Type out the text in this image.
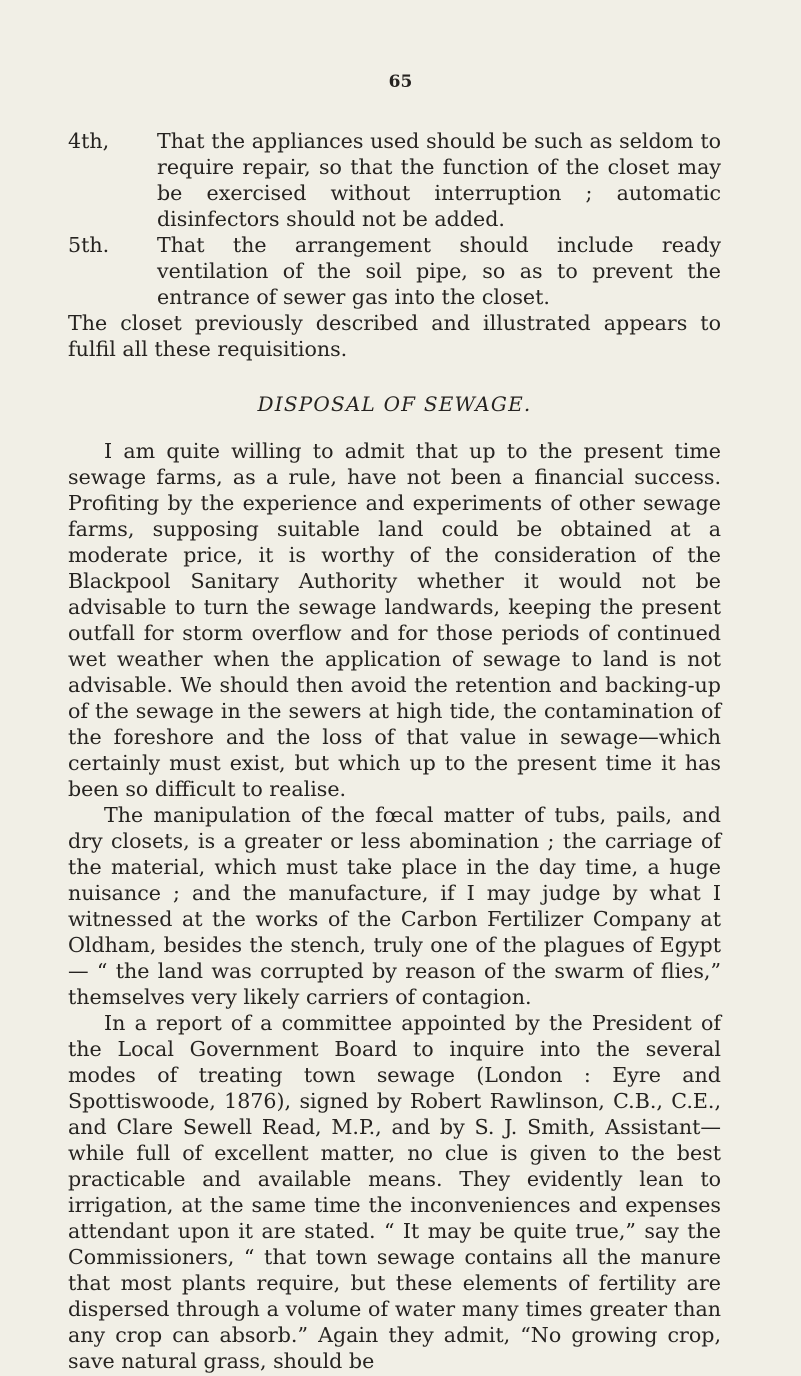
65
4th, That the appliances used should be such as seldom to require repair, so that the function of the closet may be exercised without interruption ; automatic disinfectors should not be added.
5th. That the arrangement should include ready ventilation of the soil pipe, so as to prevent the entrance of sewer gas into the closet.

The closet previously described and illustrated appears to fulfil all these requisitions.

DISPOSAL OF SEWAGE.

I am quite willing to admit that up to the present time sewage farms, as a rule, have not been a financial success. Profiting by the experience and experiments of other sewage farms, supposing suitable land could be obtained at a moderate price, it is worthy of the consideration of the Blackpool Sanitary Authority whether it would not be advisable to turn the sewage landwards, keeping the present outfall for storm overflow and for those periods of continued wet weather when the application of sewage to land is not advisable. We should then avoid the retention and backing-up of the sewage in the sewers at high tide, the contamination of the foreshore and the loss of that value in sewage—which certainly must exist, but which up to the present time it has been so difficult to realise.

The manipulation of the fœcal matter of tubs, pails, and dry closets, is a greater or less abomination ; the carriage of the material, which must take place in the day time, a huge nuisance ; and the manufacture, if I may judge by what I witnessed at the works of the Carbon Fertilizer Company at Oldham, besides the stench, truly one of the plagues of Egypt— “ the land was corrupted by reason of the swarm of flies,” themselves very likely carriers of contagion.

In a report of a committee appointed by the President of the Local Government Board to inquire into the several modes of treating town sewage (London : Eyre and Spottiswoode, 1876), signed by Robert Rawlinson, C.B., C.E., and Clare Sewell Read, M.P., and by S. J. Smith, Assistant—while full of excellent matter, no clue is given to the best practicable and available means. They evidently lean to irrigation, at the same time the inconveniences and expenses attendant upon it are stated. “ It may be quite true,” say the Commissioners, “ that town sewage contains all the manure that most plants require, but these elements of fertility are dispersed through a volume of water many times greater than any crop can absorb.” Again they admit, “No growing crop, save natural grass, should be
